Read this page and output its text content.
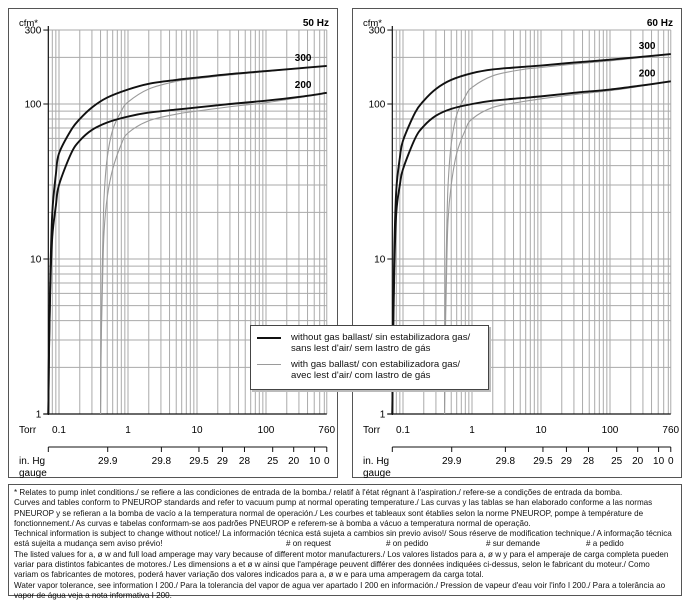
cfm*	50 Hz
300
100
10
1
Torr 0.1	1	10	100	760
29.9	29.8 29.5 29 28 25 20 10 0
in. Hg
gauge
300
200
cfm*	60 Hz
300
100
10
1
Torr 0.1	1	10	100	760
29.9	29.8 29.5 29 28 25 20 10 0
in. Hg
gauge
300
200
without gas ballast/ sin estabilizadora gas/
sans lest d'air/ sem lastro de gás
with gas ballast/ con estabilizadora gas/
avec lest d'air/ com lastro de gás

* Relates to pump inlet conditions./ se refiere a las condiciones de entrada de la bomba./ relatif à l'état régnant à l'aspiration./ refere-se a condições de entrada da bomba.

Curves and tables conform to PNEUROP standards and refer to vacuum pump at normal operating temperature./ Las curvas y las tablas se han elaborado conforme a las normas PNEUROP y se refieran a la bomba de vacío a la temperatura normal de operación./ Les courbes et tableaux sont établies selon la norme PNEUROP, pompe à température de fonctionnement./ As curvas e tabelas conformam-se aos padrões PNEUROP e referem-se à bomba a vácuo a temperatura normal de operação.

Technical information is subject to change without notice!/ La información técnica está sujeta a cambios sin previo aviso!/ Sous réserve de modification technique./ A informação técnica

está sujeita a mudança sem aviso prévio!	# on request	# on pedido	# sur demande	# a pedido

The listed values for a, ø w and full load amperage may vary because of different motor manufacturers./ Los valores listados para a, ø w y para el amperaje de carga completa pueden variar para distintos fabicantes de motores./ Les dimensions a et ø w ainsi que l'ampérage peuvent différer des données indiquées ci-dessus, selon le fabricant du moteur./ Como variam os fabricantes de motores, poderá haver variação dos valores indicados para a, ø w e para uma amperagem da carga total.

Water vapor tolerance, see information I 200./ Para la tolerancia del vapor de agua ver apartado I 200 en información./ Pression de vapeur d'eau voir l'info I 200./ Para a tolerância ao vapor de água veja a nota informativa I 200.
